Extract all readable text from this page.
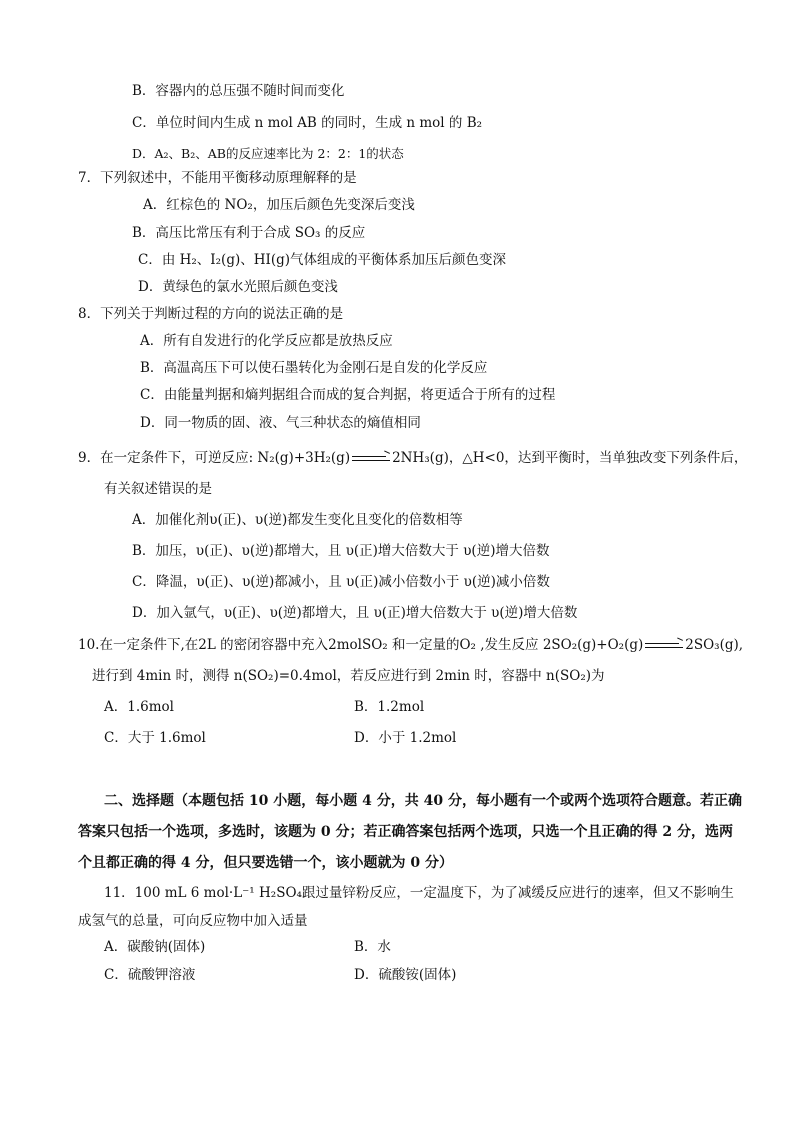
B．容器内的总压强不随时间而变化
C．单位时间内生成 n mol AB 的同时，生成 n mol 的 B₂
D．A₂、B₂、AB的反应速率比为 2：2：1的状态
7．下列叙述中，不能用平衡移动原理解释的是
A．红棕色的 NO₂，加压后颜色先变深后变浅
B．高压比常压有利于合成 SO₃ 的反应
C．由 H₂、I₂(g)、HI(g)气体组成的平衡体系加压后颜色变深
D．黄绿色的氯水光照后颜色变浅
8．下列关于判断过程的方向的说法正确的是
A．所有自发进行的化学反应都是放热反应
B．高温高压下可以使石墨转化为金刚石是自发的化学反应
C．由能量判据和熵判据组合而成的复合判据，将更适合于所有的过程
D．同一物质的固、液、气三种状态的熵值相同
9．在一定条件下，可逆反应: N₂(g)+3H₂(g) → 2NH₃(g)，△H<0，达到平衡时，当单独改变下列条件后，
有关叙述错误的是
A．加催化剂υ(正)、υ(逆)都发生变化且变化的倍数相等
B．加压，υ(正)、υ(逆)都增大，且 υ(正)增大倍数大于 υ(逆)增大倍数
C．降温，υ(正)、υ(逆)都减小，且 υ(正)减小倍数小于 υ(逆)减小倍数
D．加入氩气，υ(正)、υ(逆)都增大，且 υ(正)增大倍数大于 υ(逆)增大倍数
10.在一定条件下,在2L 的密闭容器中充入2molSO₂ 和一定量的O₂ ,发生反应 2SO₂(g)+O₂(g) → 2SO₃(g),
进行到 4min 时，测得 n(SO₂)=0.4mol，若反应进行到 2min 时，容器中 n(SO₂)为
A．1.6mol	B．1.2mol
C．大于 1.6mol	D．小于 1.2mol
二、选择题（本题包括 10 小题，每小题 4 分，共 40 分，每小题有一个或两个选项符合题意。若正确
答案只包括一个选项，多选时，该题为 0 分；若正确答案包括两个选项，只选一个且正确的得 2 分，选两
个且都正确的得 4 分，但只要选错一个，该小题就为 0 分）
11．100 mL 6 mol·L⁻¹ H₂SO₄跟过量锌粉反应，一定温度下，为了减缓反应进行的速率，但又不影响生
成氢气的总量，可向反应物中加入适量
A．碳酸钠(固体)	B．水
C．硫酸钾溶液	D．硫酸铵(固体)
